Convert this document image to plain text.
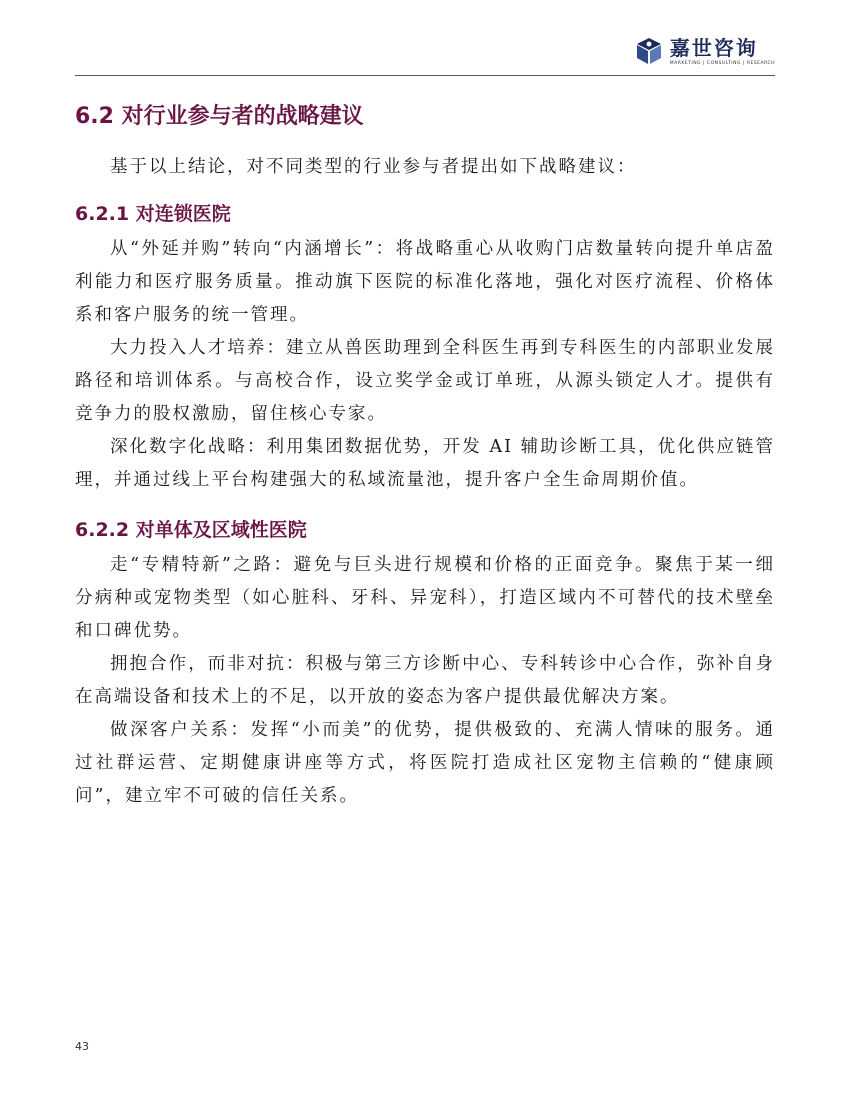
嘉世咨询
MARKETING | CONSULTING | RESEARCH
6.2 对行业参与者的战略建议

基于以上结论，对不同类型的行业参与者提出如下战略建议：

6.2.1 对连锁医院

从“外延并购”转向“内涵增长”：将战略重心从收购门店数量转向提升单店盈利能力和医疗服务质量。推动旗下医院的标准化落地，强化对医疗流程、价格体系和客户服务的统一管理。

大力投入人才培养：建立从兽医助理到全科医生再到专科医生的内部职业发展路径和培训体系。与高校合作，设立奖学金或订单班，从源头锁定人才。提供有竞争力的股权激励，留住核心专家。

深化数字化战略：利用集团数据优势，开发 AI 辅助诊断工具，优化供应链管理，并通过线上平台构建强大的私域流量池，提升客户全生命周期价值。

6.2.2 对单体及区域性医院

走“专精特新”之路：避免与巨头进行规模和价格的正面竞争。聚焦于某一细分病种或宠物类型（如心脏科、牙科、异宠科），打造区域内不可替代的技术壁垒和口碑优势。

拥抱合作，而非对抗：积极与第三方诊断中心、专科转诊中心合作，弥补自身在高端设备和技术上的不足，以开放的姿态为客户提供最优解决方案。

做深客户关系：发挥“小而美”的优势，提供极致的、充满人情味的服务。通过社群运营、定期健康讲座等方式，将医院打造成社区宠物主信赖的“健康顾问”，建立牢不可破的信任关系。

43
